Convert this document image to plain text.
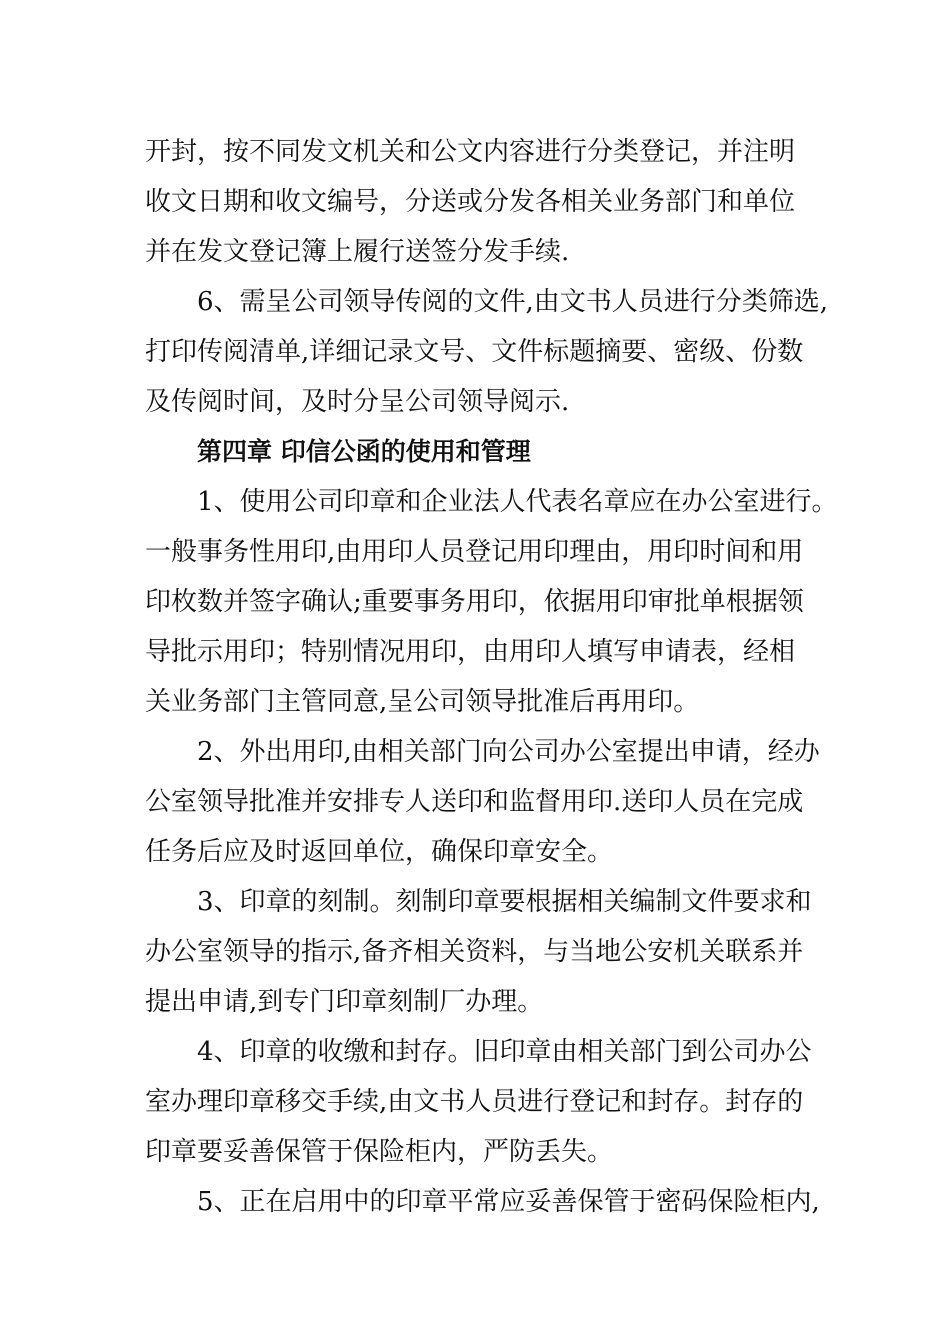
开封，按不同发文机关和公文内容进行分类登记，并注明
收文日期和收文编号，分送或分发各相关业务部门和单位
并在发文登记簿上履行送签分发手续.
6、需呈公司领导传阅的文件,由文书人员进行分类筛选,
打印传阅清单,详细记录文号、文件标题摘要、密级、份数
及传阅时间，及时分呈公司领导阅示.
第四章 印信公函的使用和管理
1、使用公司印章和企业法人代表名章应在办公室进行。
一般事务性用印,由用印人员登记用印理由，用印时间和用
印枚数并签字确认;重要事务用印，依据用印审批单根据领
导批示用印；特别情况用印，由用印人填写申请表，经相
关业务部门主管同意,呈公司领导批准后再用印。
2、外出用印,由相关部门向公司办公室提出申请，经办
公室领导批准并安排专人送印和监督用印.送印人员在完成
任务后应及时返回单位，确保印章安全。
3、印章的刻制。刻制印章要根据相关编制文件要求和
办公室领导的指示,备齐相关资料，与当地公安机关联系并
提出申请,到专门印章刻制厂办理。
4、印章的收缴和封存。旧印章由相关部门到公司办公
室办理印章移交手续,由文书人员进行登记和封存。封存的
印章要妥善保管于保险柜内，严防丢失。
5、正在启用中的印章平常应妥善保管于密码保险柜内,
